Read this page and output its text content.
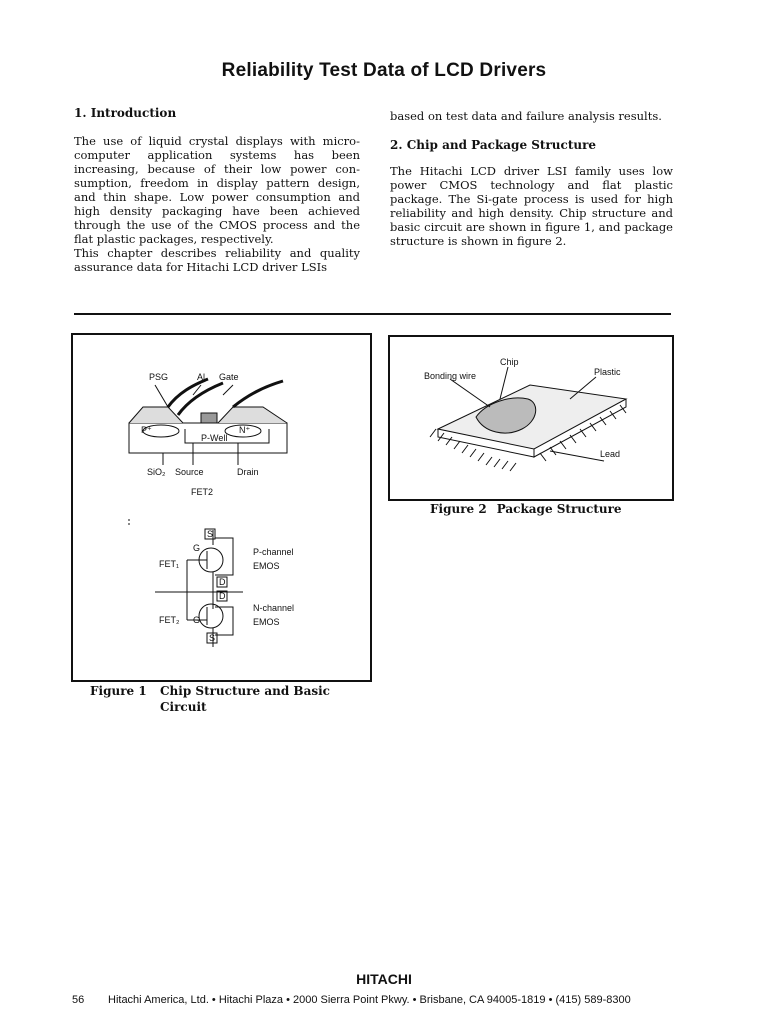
Reliability Test Data of LCD Drivers
1. Introduction

The use of liquid crystal displays with micro-computer application systems has been increasing, because of their low power con-sumption, freedom in display pattern design, and thin shape. Low power consumption and high density packaging have been achieved through the use of the CMOS process and the flat plastic packages, respectively.

This chapter describes reliability and quality assurance data for Hitachi LCD driver LSIs

based on test data and failure analysis results.

2. Chip and Package Structure

The Hitachi LCD driver LSI family uses low power CMOS technology and flat plastic package. The Si-gate process is used for high reliability and high density. Chip structure and basic circuit are shown in figure 1, and package structure is shown in figure 2.

PSG	Al Gate
P⁺	N⁺
P-Well
SiO₂ Source	Drain
FET2
S
G
FET₁
D
D
P-channel
EMOS
FET₂ G
N-channel
EMOS
S
Figure 1 Chip Structure and Basic
Circuit
Chip
Bonding wire	Plastic
Lead
Figure 2 Package Structure
HITACHI
56 Hitachi America, Ltd. • Hitachi Plaza • 2000 Sierra Point Pkwy. • Brisbane, CA 94005-1819 • (415) 589-8300
